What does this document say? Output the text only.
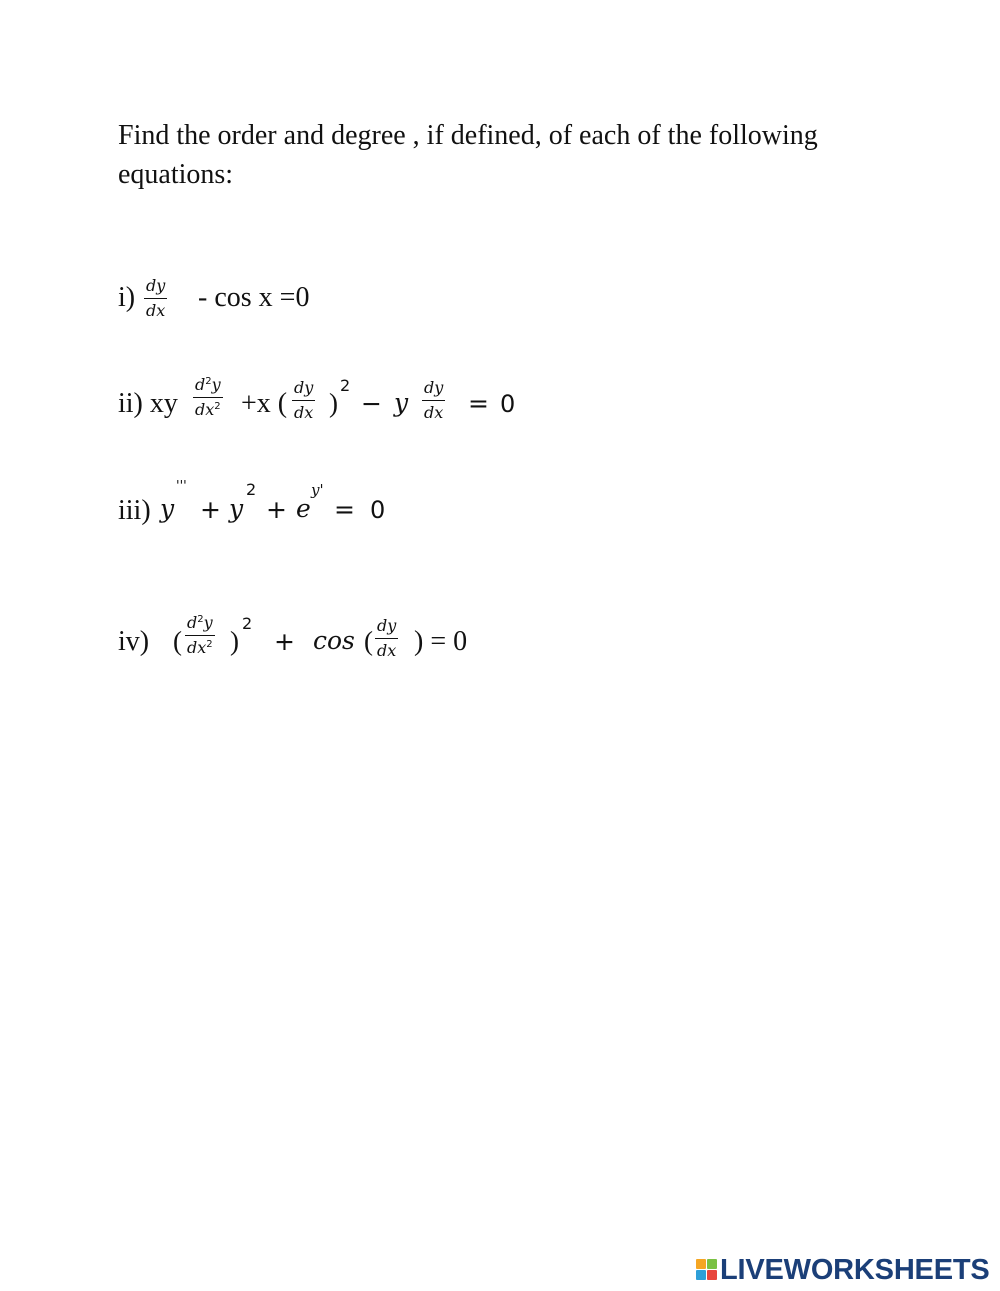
Find the order and degree , if defined, of each of the following
equations:
$i) \frac{dy}{dx} - \cos x =0$
ii) xy $\frac{d^2y}{dx^2} +x$ ( $\frac{dy}{dx}$ )
2
− y $\frac{dy}{dx} = 0$
iii) y
'''
+ y
2
+ e
y'
= 0
iv) ( $\frac{d^2y}{dx^2}$ )
2
+ cos ( $\frac{dy}{dx}$ ) = 0
LIVEWORKSHEETS
